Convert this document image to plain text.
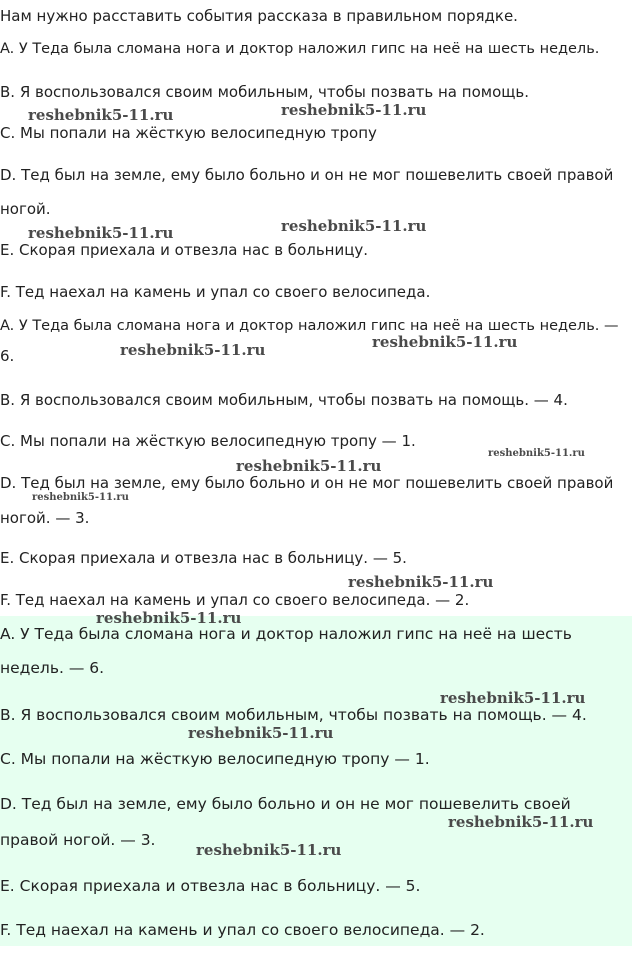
Нам нужно расставить события рассказа в правильном порядке.
A. У Теда была сломана нога и доктор наложил гипс на неё на шесть недель.
B. Я воспользовался своим мобильным, чтобы позвать на помощь.
C. Мы попали на жёсткую велосипедную тропу
D. Тед был на земле, ему было больно и он не мог пошевелить своей правой
ногой.
E. Скорая приехала и отвезла нас в больницу.
F. Тед наехал на камень и упал со своего велосипеда.
A. У Теда была сломана нога и доктор наложил гипс на неё на шесть недель. —
6.
B. Я воспользовался своим мобильным, чтобы позвать на помощь. — 4.
C. Мы попали на жёсткую велосипедную тропу — 1.
D. Тед был на земле, ему было больно и он не мог пошевелить своей правой
ногой. — 3.
E. Скорая приехала и отвезла нас в больницу. — 5.
F. Тед наехал на камень и упал со своего велосипеда. — 2.
A. У Теда была сломана нога и доктор наложил гипс на неё на шесть
недель. — 6.
B. Я воспользовался своим мобильным, чтобы позвать на помощь. — 4.
C. Мы попали на жёсткую велосипедную тропу — 1.
D. Тед был на земле, ему было больно и он не мог пошевелить своей
правой ногой. — 3.
E. Скорая приехала и отвезла нас в больницу. — 5.
F. Тед наехал на камень и упал со своего велосипеда. — 2.
reshebnik5-11.ru	reshebnik5-11.ru
reshebnik5-11.ru	reshebnik5-11.ru
reshebnik5-11.ru	reshebnik5-11.ru
reshebnik5-11.ru
reshebnik5-11.ru
reshebnik5-11.ru
reshebnik5-11.ru
reshebnik5-11.ru
reshebnik5-11.ru
reshebnik5-11.ru
reshebnik5-11.ru
reshebnik5-11.ru
